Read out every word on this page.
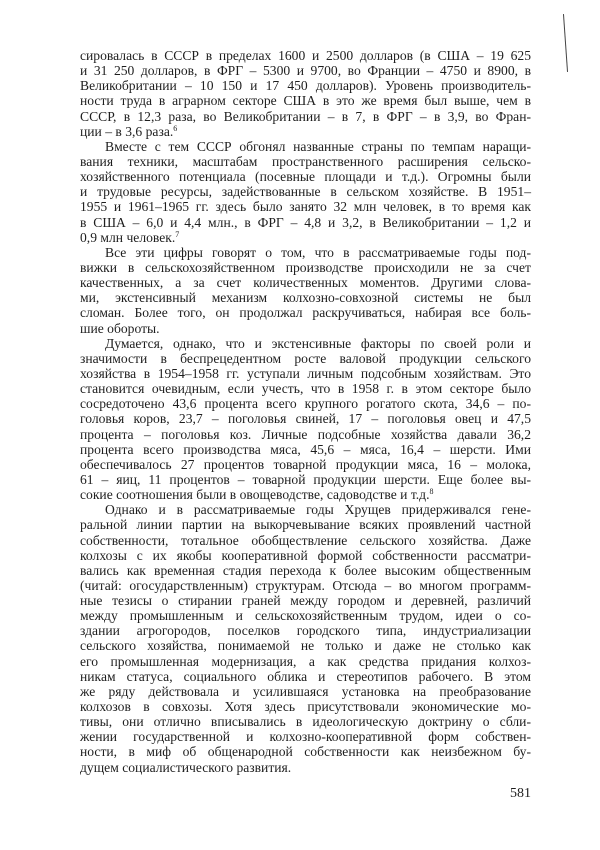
сировалась в СССР в пределах 1600 и 2500 долларов (в США – 19 625
и 31 250 долларов, в ФРГ – 5300 и 9700, во Франции – 4750 и 8900, в
Великобритании – 10 150 и 17 450 долларов). Уровень производитель-
ности труда в аграрном секторе США в это же время был выше, чем в
СССР, в 12,3 раза, во Великобритании – в 7, в ФРГ – в 3,9, во Фран-
ции – в 3,6 раза.$^6$
Вместе с тем СССР обгонял названные страны по темпам наращи-
вания техники, масштабам пространственного расширения сельско-
хозяйственного потенциала (посевные площади и т.д.). Огромны были
и трудовые ресурсы, задействованные в сельском хозяйстве. В 1951–
1955 и 1961–1965 гг. здесь было занято 32 млн человек, в то время как
в США – 6,0 и 4,4 млн., в ФРГ – 4,8 и 3,2, в Великобритании – 1,2 и
0,9 млн человек.$^7$
Все эти цифры говорят о том, что в рассматриваемые годы под-
вижки в сельскохозяйственном производстве происходили не за счет
качественных, а за счет количественных моментов. Другими слова-
ми, экстенсивный механизм колхозно-совхозной системы не был
сломан. Более того, он продолжал раскручиваться, набирая все боль-
шие обороты.
Думается, однако, что и экстенсивные факторы по своей роли и
значимости в беспрецедентном росте валовой продукции сельского
хозяйства в 1954–1958 гг. уступали личным подсобным хозяйствам. Это
становится очевидным, если учесть, что в 1958 г. в этом секторе было
сосредоточено 43,6 процента всего крупного рогатого скота, 34,6 – по-
головья коров, 23,7 – поголовья свиней, 17 – поголовья овец и 47,5
процента – поголовья коз. Личные подсобные хозяйства давали 36,2
процента всего производства мяса, 45,6 – мяса, 16,4 – шерсти. Ими
обеспечивалось 27 процентов товарной продукции мяса, 16 – молока,
61 – яиц, 11 процентов – товарной продукции шерсти. Еще более вы-
сокие соотношения были в овощеводстве, садоводстве и т.д.$^8$
Однако и в рассматриваемые годы Хрущев придерживался гене-
ральной линии партии на выкорчевывание всяких проявлений частной
собственности, тотальное обобществление сельского хозяйства. Даже
колхозы с их якобы кооперативной формой собственности рассматри-
вались как временная стадия перехода к более высоким общественным
(читай: огосударствленным) структурам. Отсюда – во многом программ-
ные тезисы о стирании граней между городом и деревней, различий
между промышленным и сельскохозяйственным трудом, идеи о со-
здании агрогородов, поселков городского типа, индустриализации
сельского хозяйства, понимаемой не только и даже не столько как
его промышленная модернизация, а как средства придания колхоз-
никам статуса, социального облика и стереотипов рабочего. В этом
же ряду действовала и усилившаяся установка на преобразование
колхозов в совхозы. Хотя здесь присутствовали экономические мо-
тивы, они отлично вписывались в идеологическую доктрину о сбли-
жении государственной и колхозно-кооперативной форм собствен-
ности, в миф об общенародной собственности как неизбежном бу-
дущем социалистического развития.
581
